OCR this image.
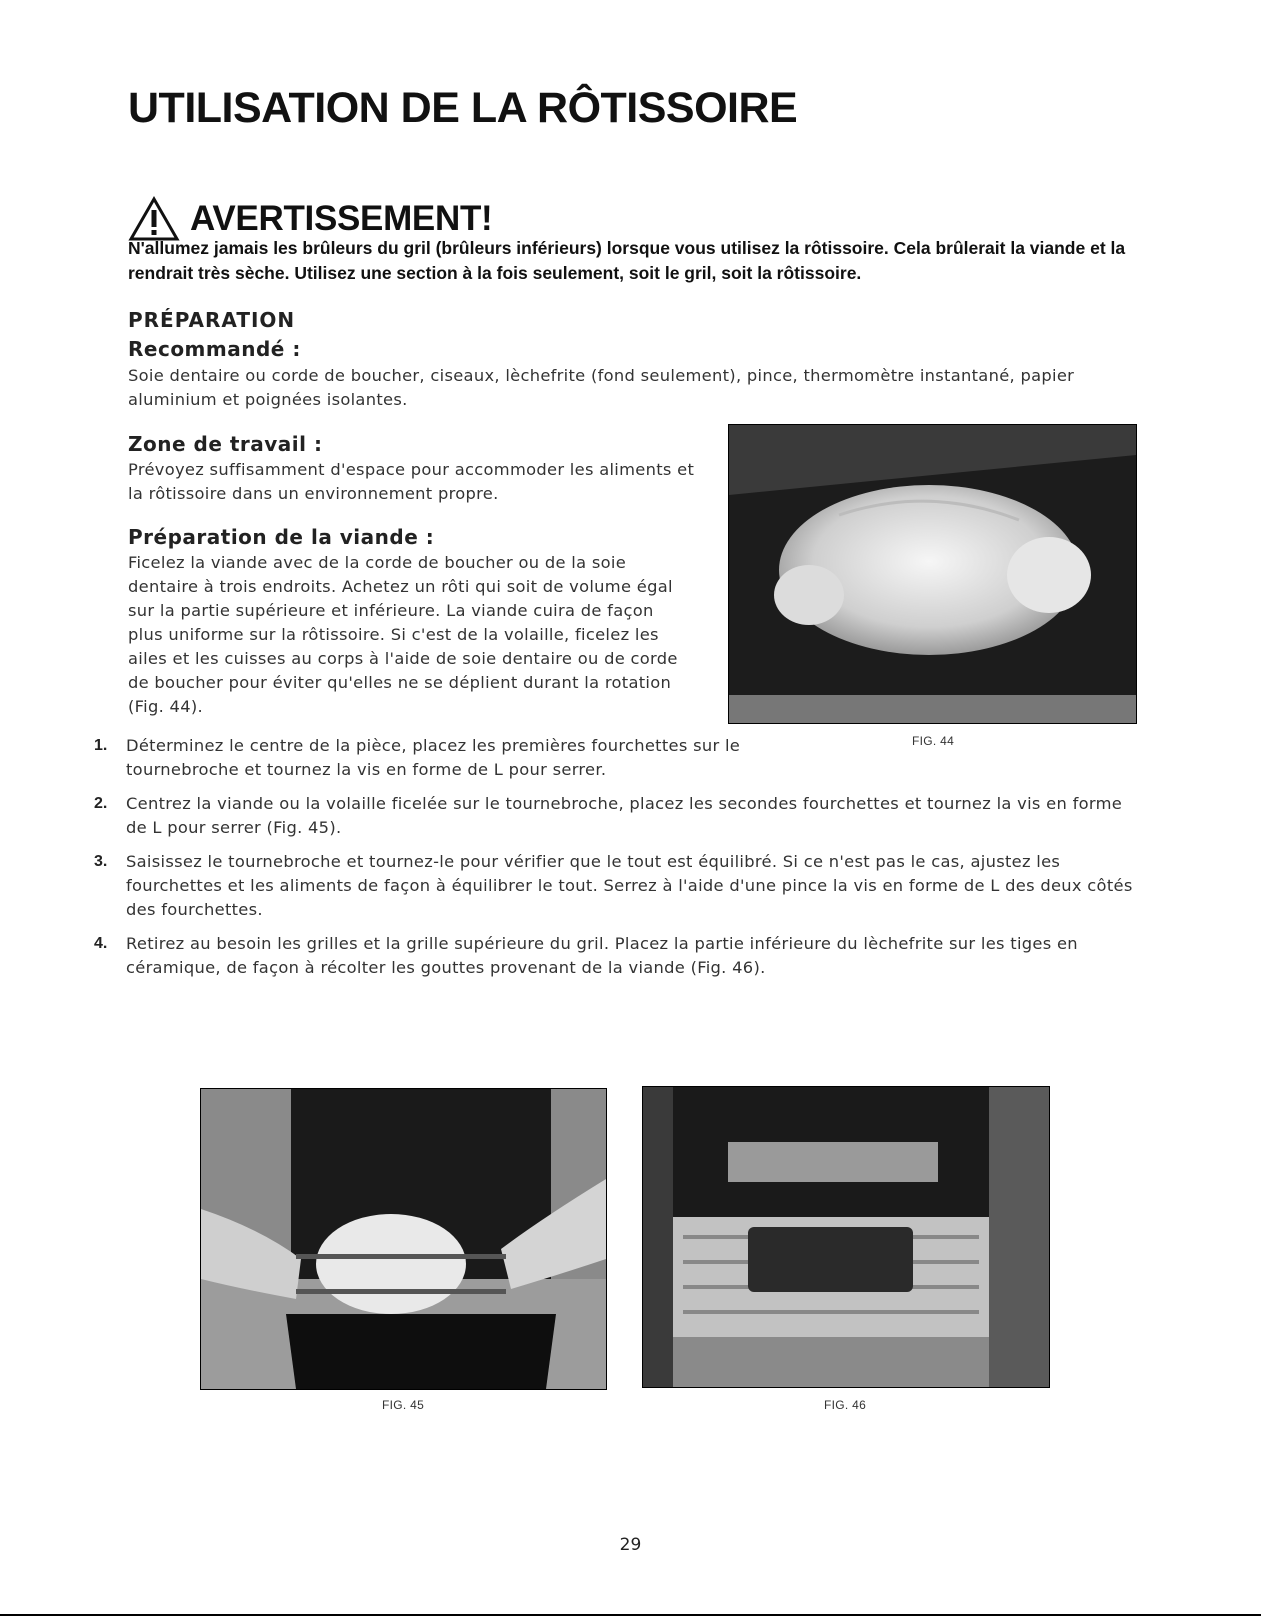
UTILISATION DE LA RÔTISSOIRE
AVERTISSEMENT!

N'allumez jamais les brûleurs du gril (brûleurs inférieurs) lorsque vous utilisez la rôtissoire. Cela brûlerait la viande et la rendrait très sèche. Utilisez une section à la fois seulement, soit le gril, soit la rôtissoire.

PRÉPARATION
Recommandé :

Soie dentaire ou corde de boucher, ciseaux, lèchefrite (fond seulement), pince, thermomètre instantané, papier aluminium et poignées isolantes.

Zone de travail :

Prévoyez suffisamment d'espace pour accommoder les aliments et la rôtissoire dans un environnement propre.

Préparation de la viande :

Ficelez la viande avec de la corde de boucher ou de la soie dentaire à trois endroits. Achetez un rôti qui soit de volume égal sur la partie supérieure et inférieure. La viande cuira de façon plus uniforme sur la rôtissoire. Si c'est de la volaille, ficelez les ailes et les cuisses au corps à l'aide de soie dentaire ou de corde de boucher pour éviter qu'elles ne se déplient durant la rotation (Fig. 44).

FIG. 44
1.	Déterminez le centre de la pièce, placez les premières fourchettes sur le tournebroche et tournez la vis en forme de L pour serrer.
2.	Centrez la viande ou la volaille ficelée sur le tournebroche, placez les secondes fourchettes et tournez la vis en forme de L pour serrer (Fig. 45).
3.	Saisissez le tournebroche et tournez-le pour vérifier que le tout est équilibré. Si ce n'est pas le cas, ajustez les fourchettes et les aliments de façon à équilibrer le tout. Serrez à l'aide d'une pince la vis en forme de L des deux côtés des fourchettes.
4.	Retirez au besoin les grilles et la grille supérieure du gril. Placez la partie inférieure du lèchefrite sur les tiges en céramique, de façon à récolter les gouttes provenant de la viande (Fig. 46).
FIG. 45	FIG. 46
29
